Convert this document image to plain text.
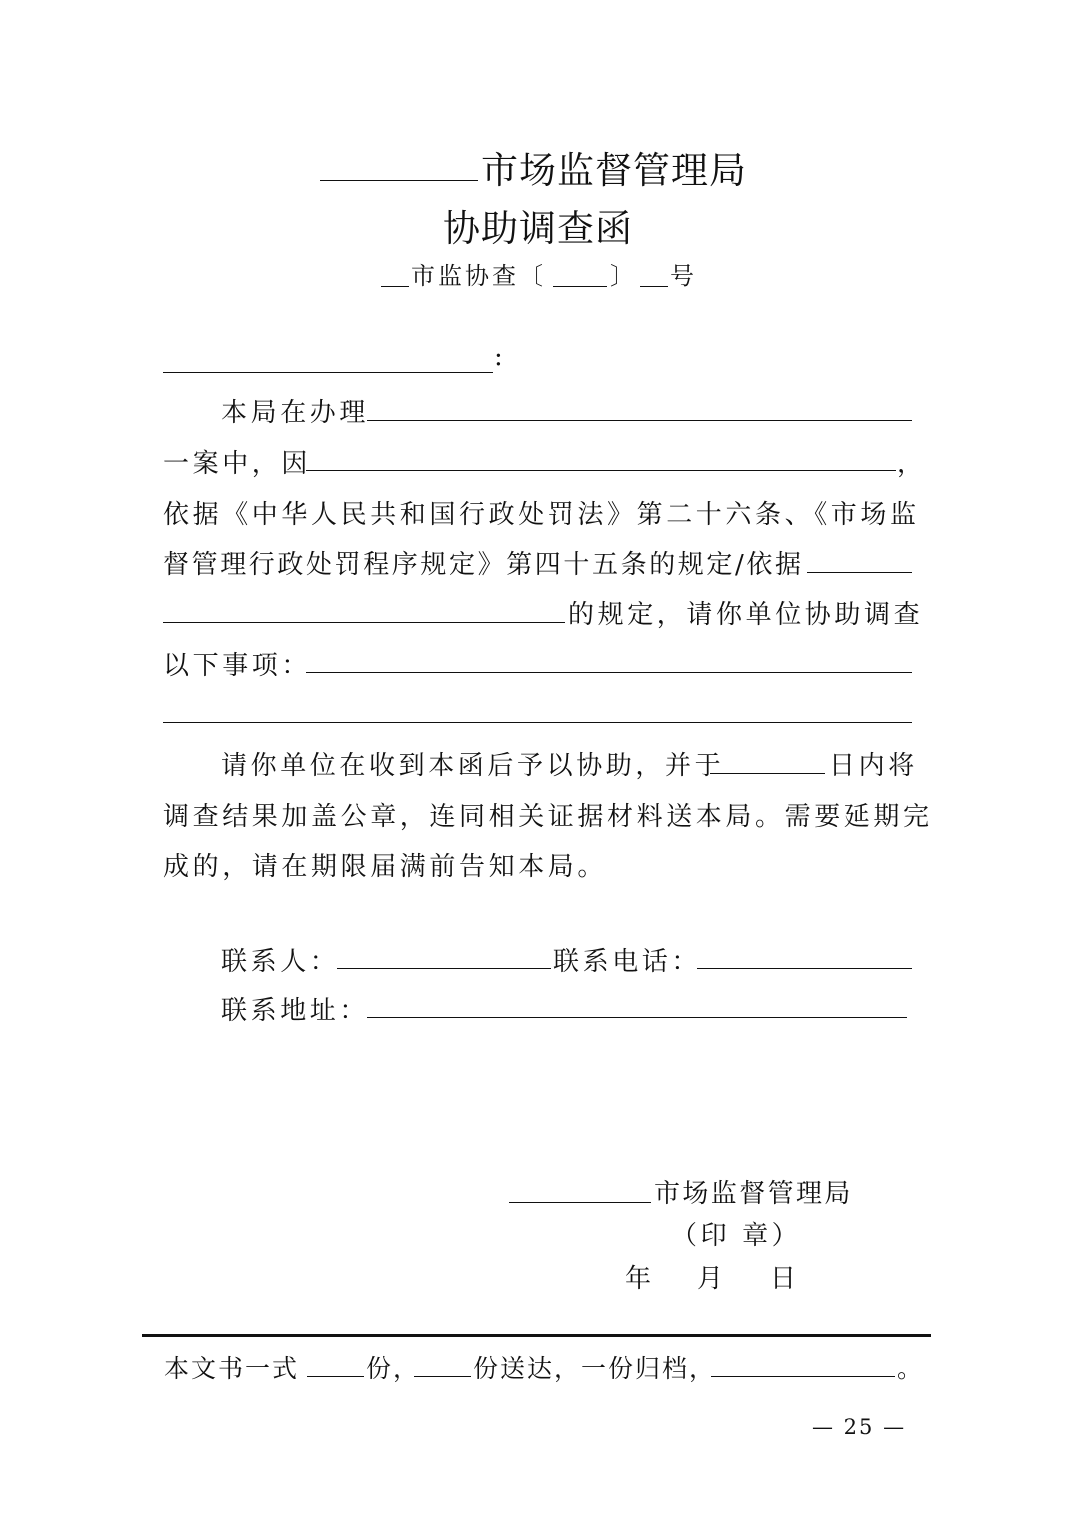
市场监督管理局
协助调查函
市监协查〔	〕 号
:
本局在办理
一案中，因	，
依据《中华人民共和国行政处罚法》第二十六条、《市场监
督管理行政处罚程序规定》第四十五条的规定/依据
的规定，请你单位协助调查
以下事项：
请你单位在收到本函后予以协助，并于	日内将
调查结果加盖公章，连同相关证据材料送本局。需要延期完
成的，请在期限届满前告知本局。
联系人：	联系电话：
联系地址：
市场监督管理局
（印 章）
年 月 日
本文书一式	份， 份送达，一份归档，	。
— 25 —
